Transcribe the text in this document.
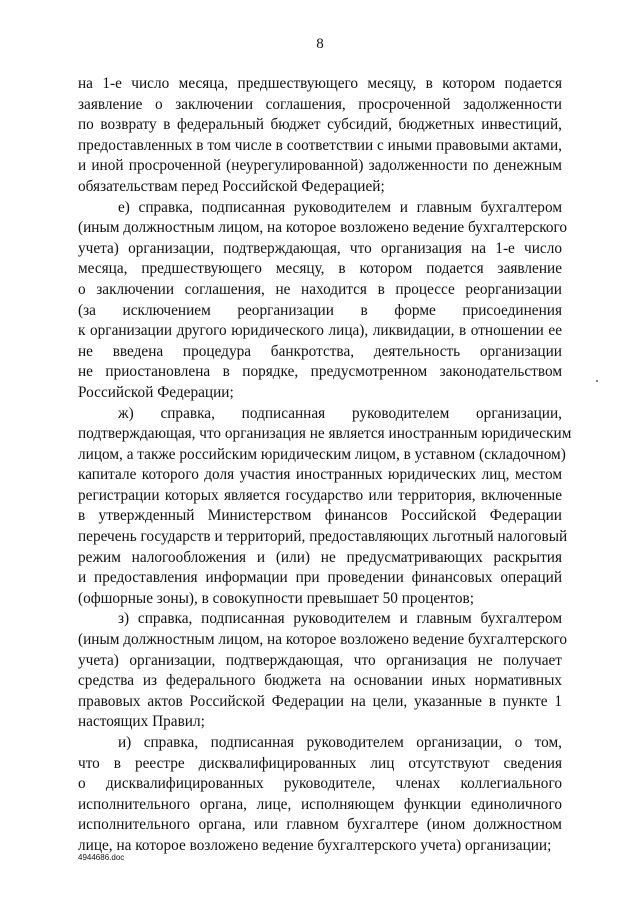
8
на 1-е число месяца, предшествующего месяцу, в котором подается
заявление о заключении соглашения, просроченной задолженности
по возврату в федеральный бюджет субсидий, бюджетных инвестиций,
предоставленных в том числе в соответствии с иными правовыми актами,
и иной просроченной (неурегулированной) задолженности по денежным
обязательствам перед Российской Федерацией;
е) справка, подписанная руководителем и главным бухгалтером
(иным должностным лицом, на которое возложено ведение бухгалтерского
учета) организации, подтверждающая, что организация на 1-е число
месяца, предшествующего месяцу, в котором подается заявление
о заключении соглашения, не находится в процессе реорганизации
(за исключением реорганизации в форме присоединения
к организации другого юридического лица), ликвидации, в отношении ее
не введена процедура банкротства, деятельность организации
не приостановлена в порядке, предусмотренном законодательством
Российской Федерации;
ж) справка, подписанная руководителем организации,
подтверждающая, что организация не является иностранным юридическим
лицом, а также российским юридическим лицом, в уставном (складочном)
капитале которого доля участия иностранных юридических лиц, местом
регистрации которых является государство или территория, включенные
в утвержденный Министерством финансов Российской Федерации
перечень государств и территорий, предоставляющих льготный налоговый
режим налогообложения и (или) не предусматривающих раскрытия
и предоставления информации при проведении финансовых операций
(офшорные зоны), в совокупности превышает 50 процентов;
з) справка, подписанная руководителем и главным бухгалтером
(иным должностным лицом, на которое возложено ведение бухгалтерского
учета) организации, подтверждающая, что организация не получает
средства из федерального бюджета на основании иных нормативных
правовых актов Российской Федерации на цели, указанные в пункте 1
настоящих Правил;
и) справка, подписанная руководителем организации, о том,
что в реестре дисквалифицированных лиц отсутствуют сведения
о дисквалифицированных руководителе, членах коллегиального
исполнительного органа, лице, исполняющем функции единоличного
исполнительного органа, или главном бухгалтере (ином должностном
лице, на которое возложено ведение бухгалтерского учета) организации;
4944686.doc
